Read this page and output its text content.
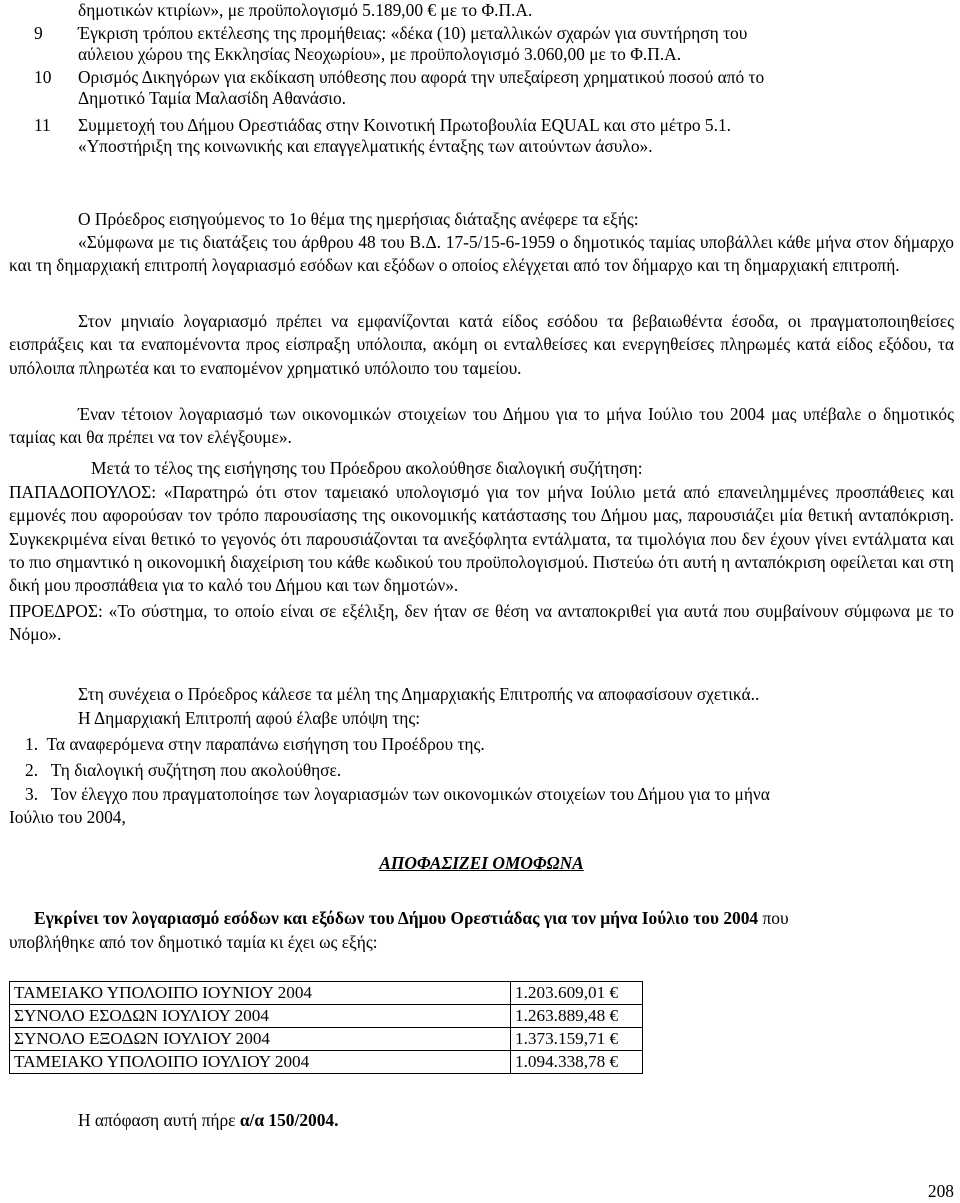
δημοτικών κτιρίων», με προϋπολογισμό 5.189,00 € με το Φ.Π.Α.
9	Έγκριση τρόπου εκτέλεσης της προμήθειας: «δέκα (10) μεταλλικών σχαρών για συντήρηση του
αύλειου χώρου της Εκκλησίας Νεοχωρίου», με προϋπολογισμό 3.060,00 με το Φ.Π.Α.
10	Ορισμός Δικηγόρων για εκδίκαση υπόθεσης που αφορά την υπεξαίρεση χρηματικού ποσού από το
Δημοτικό Ταμία Μαλασίδη Αθανάσιο.
11	Συμμετοχή του Δήμου Ορεστιάδας στην Κοινοτική Πρωτοβουλία EQUAL και στο μέτρο 5.1.
«Υποστήριξη της κοινωνικής και επαγγελματικής ένταξης των αιτούντων άσυλο».
Ο Πρόεδρος εισηγούμενος το 1ο θέμα της ημερήσιας διάταξης ανέφερε τα εξής:
«Σύμφωνα με τις διατάξεις του άρθρου 48 του Β.Δ. 17-5/15-6-1959 ο δημοτικός ταμίας υποβάλλει κάθε μήνα στον δήμαρχο και τη δημαρχιακή επιτροπή λογαριασμό εσόδων και εξόδων ο οποίος ελέγχεται από τον δήμαρχο και τη δημαρχιακή επιτροπή.
Στον μηνιαίο λογαριασμό πρέπει να εμφανίζονται κατά είδος εσόδου τα βεβαιωθέντα έσοδα, οι πραγματοποιηθείσες εισπράξεις και τα εναπομένοντα προς είσπραξη υπόλοιπα, ακόμη οι ενταλθείσες και ενεργηθείσες πληρωμές κατά είδος εξόδου, τα υπόλοιπα πληρωτέα και το εναπομένον χρηματικό υπόλοιπο του ταμείου.
Έναν τέτοιον λογαριασμό των οικονομικών στοιχείων του Δήμου για το μήνα Ιούλιο του 2004 μας υπέβαλε ο δημοτικός ταμίας και θα πρέπει να τον ελέγξουμε».
Μετά το τέλος της εισήγησης του Πρόεδρου ακολούθησε διαλογική συζήτηση:
ΠΑΠΑΔΟΠΟΥΛΟΣ: «Παρατηρώ ότι στον ταμειακό υπολογισμό για τον μήνα Ιούλιο μετά από επανειλημμένες προσπάθειες και εμμονές που αφορούσαν τον τρόπο παρουσίασης της οικονομικής κατάστασης του Δήμου μας, παρουσιάζει μία θετική ανταπόκριση. Συγκεκριμένα είναι θετικό το γεγονός ότι παρουσιάζονται τα ανεξόφλητα εντάλματα, τα τιμολόγια που δεν έχουν γίνει εντάλματα και το πιο σημαντικό η οικονομική διαχείριση του κάθε κωδικού του προϋπολογισμού. Πιστεύω ότι αυτή η ανταπόκριση οφείλεται και στη δική μου προσπάθεια για το καλό του Δήμου και των δημοτών».
ΠΡΟΕΔΡΟΣ: «Το σύστημα, το οποίο είναι σε εξέλιξη, δεν ήταν σε θέση να ανταποκριθεί για αυτά που συμβαίνουν σύμφωνα με το Νόμο».
Στη συνέχεια ο Πρόεδρος κάλεσε τα μέλη της Δημαρχιακής Επιτροπής να αποφασίσουν σχετικά..
Η Δημαρχιακή Επιτροπή αφού έλαβε υπόψη της:
1. Τα αναφερόμενα στην παραπάνω εισήγηση του Προέδρου της.
2. Τη διαλογική συζήτηση που ακολούθησε.
3. Τον έλεγχο που πραγματοποίησε των λογαριασμών των οικονομικών στοιχείων του Δήμου για το μήνα
Ιούλιο του 2004,
ΑΠΟΦΑΣΙΖΕΙ ΟΜΟΦΩΝΑ
Εγκρίνει τον λογαριασμό εσόδων και εξόδων του Δήμου Ορεστιάδας για τον μήνα Ιούλιο του 2004 που
υποβλήθηκε από τον δημοτικό ταμία κι έχει ως εξής:
ΤΑΜΕΙΑΚΟ ΥΠΟΛΟΙΠΟ ΙΟΥΝΙΟΥ 2004	1.203.609,01 €
ΣΥΝΟΛΟ ΕΣΟΔΩΝ ΙΟΥΛΙΟΥ 2004	1.263.889,48 €
ΣΥΝΟΛΟ ΕΞΟΔΩΝ ΙΟΥΛΙΟΥ 2004	1.373.159,71 €
ΤΑΜΕΙΑΚΟ ΥΠΟΛΟΙΠΟ ΙΟΥΛΙΟΥ 2004	1.094.338,78 €
Η απόφαση αυτή πήρε α/α 150/2004.
208
